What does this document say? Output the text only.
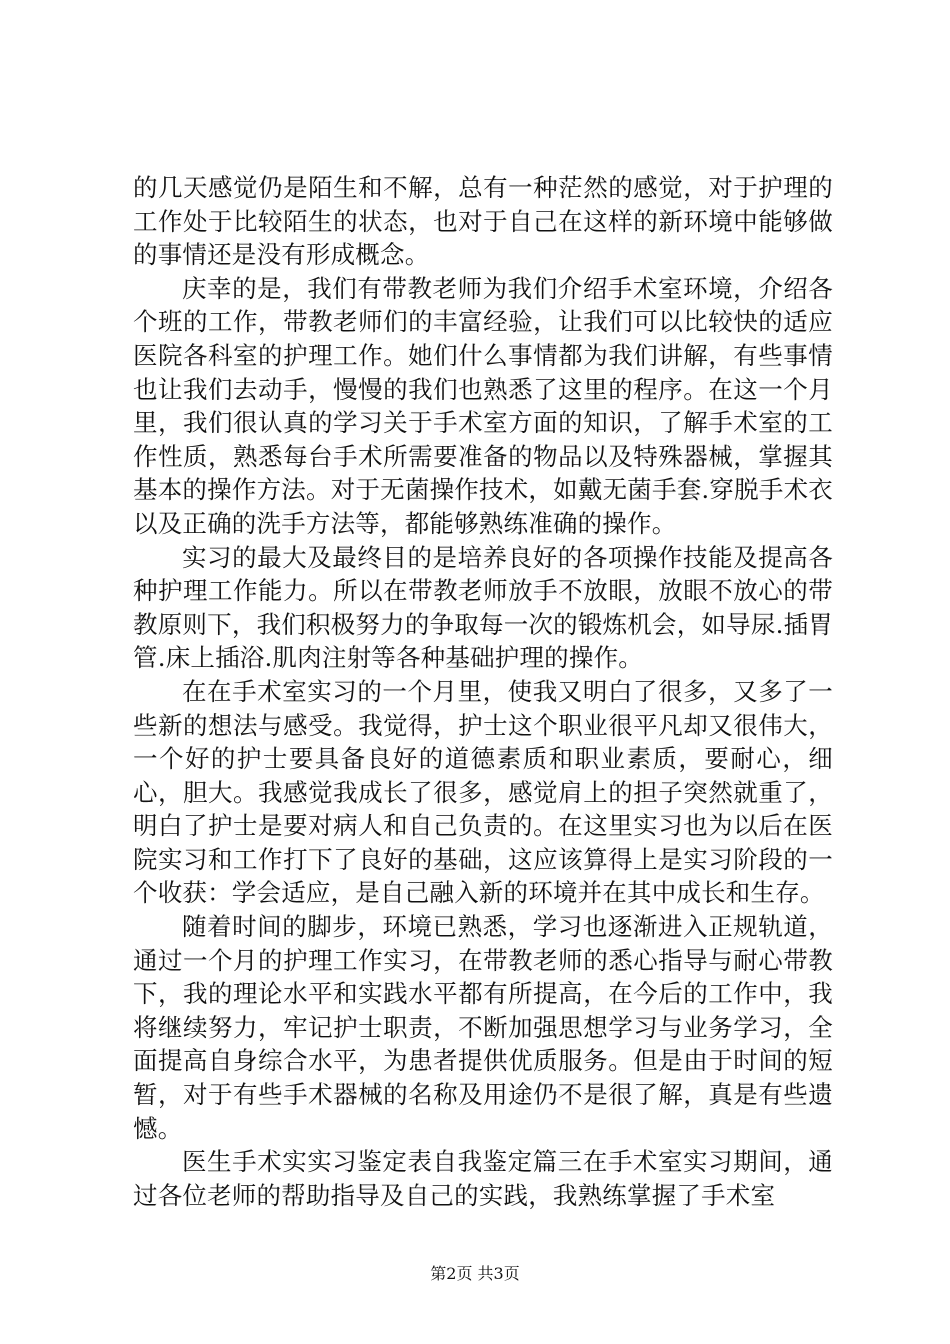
的几天感觉仍是陌生和不解，总有一种茫然的感觉，对于护理的工作处于比较陌生的状态，也对于自己在这样的新环境中能够做的事情还是没有形成概念。

庆幸的是，我们有带教老师为我们介绍手术室环境，介绍各个班的工作，带教老师们的丰富经验，让我们可以比较快的适应医院各科室的护理工作。她们什么事情都为我们讲解，有些事情也让我们去动手，慢慢的我们也熟悉了这里的程序。在这一个月里，我们很认真的学习关于手术室方面的知识，了解手术室的工作性质，熟悉每台手术所需要准备的物品以及特殊器械，掌握其基本的操作方法。对于无菌操作技术，如戴无菌手套.穿脱手术衣以及正确的洗手方法等，都能够熟练准确的操作。

实习的最大及最终目的是培养良好的各项操作技能及提高各种护理工作能力。所以在带教老师放手不放眼，放眼不放心的带教原则下，我们积极努力的争取每一次的锻炼机会，如导尿.插胃管.床上插浴.肌肉注射等各种基础护理的操作。

在在手术室实习的一个月里，使我又明白了很多，又多了一些新的想法与感受。我觉得，护士这个职业很平凡却又很伟大，一个好的护士要具备良好的道德素质和职业素质，要耐心，细心，胆大。我感觉我成长了很多，感觉肩上的担子突然就重了，明白了护士是要对病人和自己负责的。在这里实习也为以后在医院实习和工作打下了良好的基础，这应该算得上是实习阶段的一个收获：学会适应，是自己融入新的环境并在其中成长和生存。

随着时间的脚步，环境已熟悉，学习也逐渐进入正规轨道，通过一个月的护理工作实习，在带教老师的悉心指导与耐心带教下，我的理论水平和实践水平都有所提高，在今后的工作中，我将继续努力，牢记护士职责，不断加强思想学习与业务学习，全面提高自身综合水平，为患者提供优质服务。但是由于时间的短暂，对于有些手术器械的名称及用途仍不是很了解，真是有些遗憾。

医生手术实实习鉴定表自我鉴定篇三在手术室实习期间，通过各位老师的帮助指导及自己的实践，我熟练掌握了手术室

第2页 共3页
